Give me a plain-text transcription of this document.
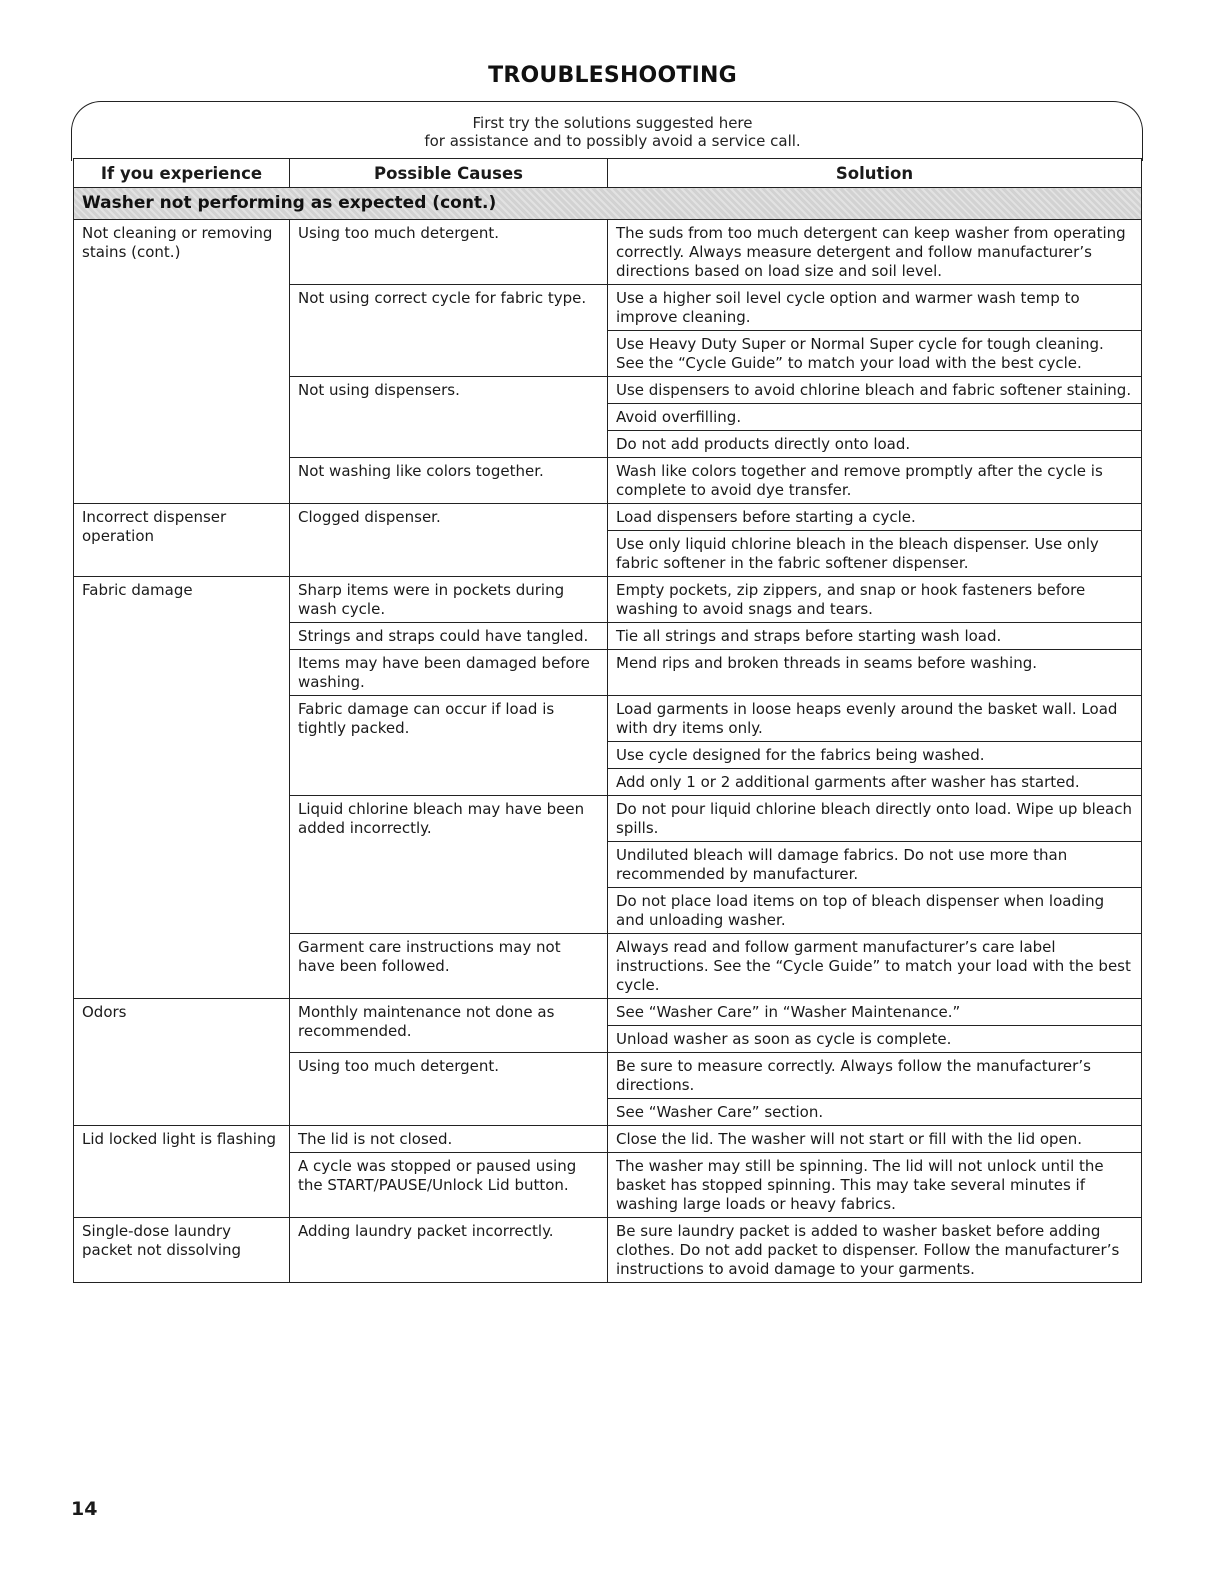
TROUBLESHOOTING
First try the solutions suggested here
for assistance and to possibly avoid a service call.
If you experience	Possible Causes	Solution
Washer not performing as expected (cont.)		
Not cleaning or removing stains (cont.)	Using too much detergent.	The suds from too much detergent can keep washer from operating correctly. Always measure detergent and follow manufacturer’s directions based on load size and soil level.
	Not using correct cycle for fabric type.	Use a higher soil level cycle option and warmer wash temp to improve cleaning.
		Use Heavy Duty Super or Normal Super cycle for tough cleaning. See the “Cycle Guide” to match your load with the best cycle.
	Not using dispensers.	Use dispensers to avoid chlorine bleach and fabric softener staining.
		Avoid overfilling.
		Do not add products directly onto load.
	Not washing like colors together.	Wash like colors together and remove promptly after the cycle is complete to avoid dye transfer.
Incorrect dispenser operation	Clogged dispenser.	Load dispensers before starting a cycle.
		Use only liquid chlorine bleach in the bleach dispenser. Use only fabric softener in the fabric softener dispenser.
Fabric damage	Sharp items were in pockets during wash cycle.	Empty pockets, zip zippers, and snap or hook fasteners before washing to avoid snags and tears.
	Strings and straps could have tangled.	Tie all strings and straps before starting wash load.
	Items may have been damaged before washing.	Mend rips and broken threads in seams before washing.
	Fabric damage can occur if load is tightly packed.	Load garments in loose heaps evenly around the basket wall. Load with dry items only.
		Use cycle designed for the fabrics being washed.
		Add only 1 or 2 additional garments after washer has started.
	Liquid chlorine bleach may have been added incorrectly.	Do not pour liquid chlorine bleach directly onto load. Wipe up bleach spills.
		Undiluted bleach will damage fabrics. Do not use more than recommended by manufacturer.
		Do not place load items on top of bleach dispenser when loading and unloading washer.
	Garment care instructions may not have been followed.	Always read and follow garment manufacturer’s care label instructions. See the “Cycle Guide” to match your load with the best cycle.
Odors	Monthly maintenance not done as recommended.	See “Washer Care” in “Washer Maintenance.”
		Unload washer as soon as cycle is complete.
	Using too much detergent.	Be sure to measure correctly. Always follow the manufacturer’s directions.
		See “Washer Care” section.
Lid locked light is flashing	The lid is not closed.	Close the lid. The washer will not start or fill with the lid open.
	A cycle was stopped or paused using the START/PAUSE/Unlock Lid button.	The washer may still be spinning. The lid will not unlock until the basket has stopped spinning. This may take several minutes if washing large loads or heavy fabrics.
Single-dose laundry packet not dissolving	Adding laundry packet incorrectly.	Be sure laundry packet is added to washer basket before adding clothes. Do not add packet to dispenser. Follow the manufacturer’s instructions to avoid damage to your garments.
14
